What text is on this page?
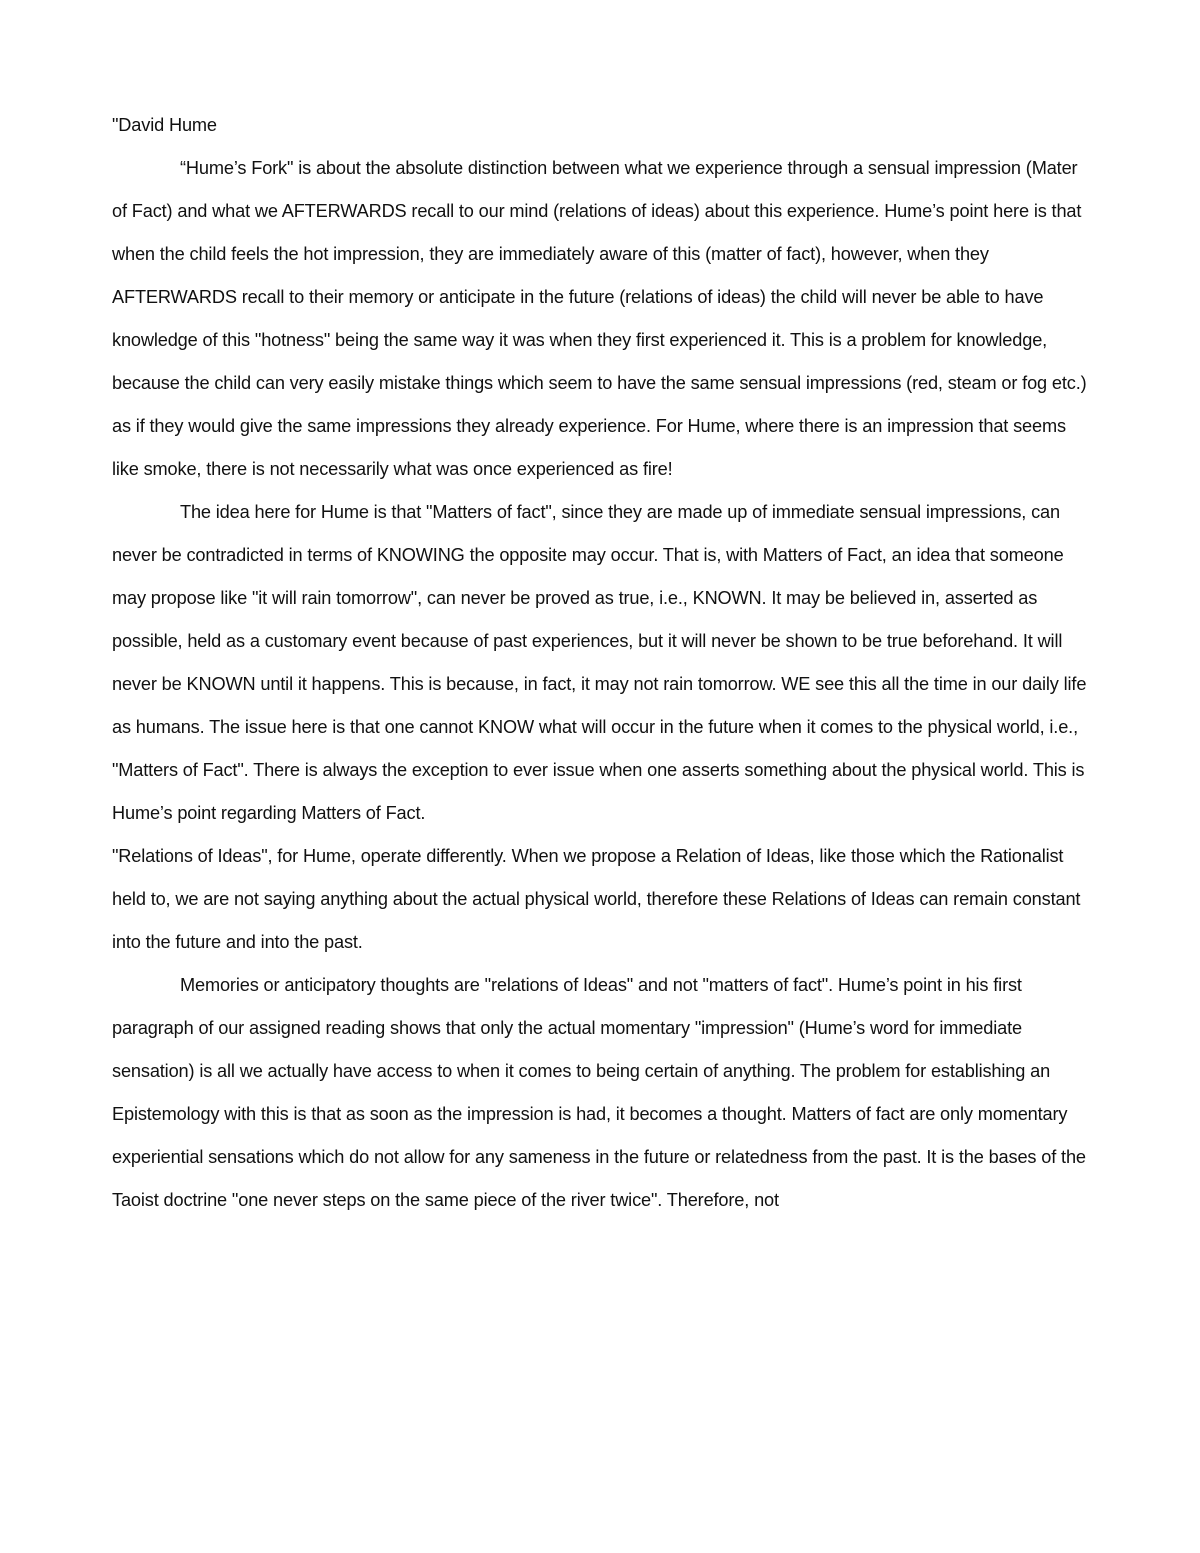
"David Hume

“Hume’s Fork" is about the absolute distinction between what we experience through a sensual impression (Mater of Fact) and what we AFTERWARDS recall to our mind (relations of ideas) about this experience. Hume’s point here is that when the child feels the hot impression, they are immediately aware of this (matter of fact), however, when they AFTERWARDS recall to their memory or anticipate in the future (relations of ideas) the child will never be able to have knowledge of this "hotness" being the same way it was when they first experienced it. This is a problem for knowledge, because the child can very easily mistake things which seem to have the same sensual impressions (red, steam or fog etc.) as if they would give the same impressions they already experience. For Hume, where there is an impression that seems like smoke, there is not necessarily what was once experienced as fire!

The idea here for Hume is that "Matters of fact", since they are made up of immediate sensual impressions, can never be contradicted in terms of KNOWING the opposite may occur. That is, with Matters of Fact, an idea that someone may propose like "it will rain tomorrow", can never be proved as true, i.e., KNOWN. It may be believed in, asserted as possible, held as a customary event because of past experiences, but it will never be shown to be true beforehand. It will never be KNOWN until it happens. This is because, in fact, it may not rain tomorrow. WE see this all the time in our daily life as humans. The issue here is that one cannot KNOW what will occur in the future when it comes to the physical world, i.e., "Matters of Fact". There is always the exception to ever issue when one asserts something about the physical world. This is Hume’s point regarding Matters of Fact.

"Relations of Ideas", for Hume, operate differently. When we propose a Relation of Ideas, like those which the Rationalist held to, we are not saying anything about the actual physical world, therefore these Relations of Ideas can remain constant into the future and into the past.

Memories or anticipatory thoughts are "relations of Ideas" and not "matters of fact". Hume’s point in his first paragraph of our assigned reading shows that only the actual momentary "impression" (Hume’s word for immediate sensation) is all we actually have access to when it comes to being certain of anything. The problem for establishing an Epistemology with this is that as soon as the impression is had, it becomes a thought. Matters of fact are only momentary experiential sensations which do not allow for any sameness in the future or relatedness from the past. It is the bases of the Taoist doctrine "one never steps on the same piece of the river twice". Therefore, not
